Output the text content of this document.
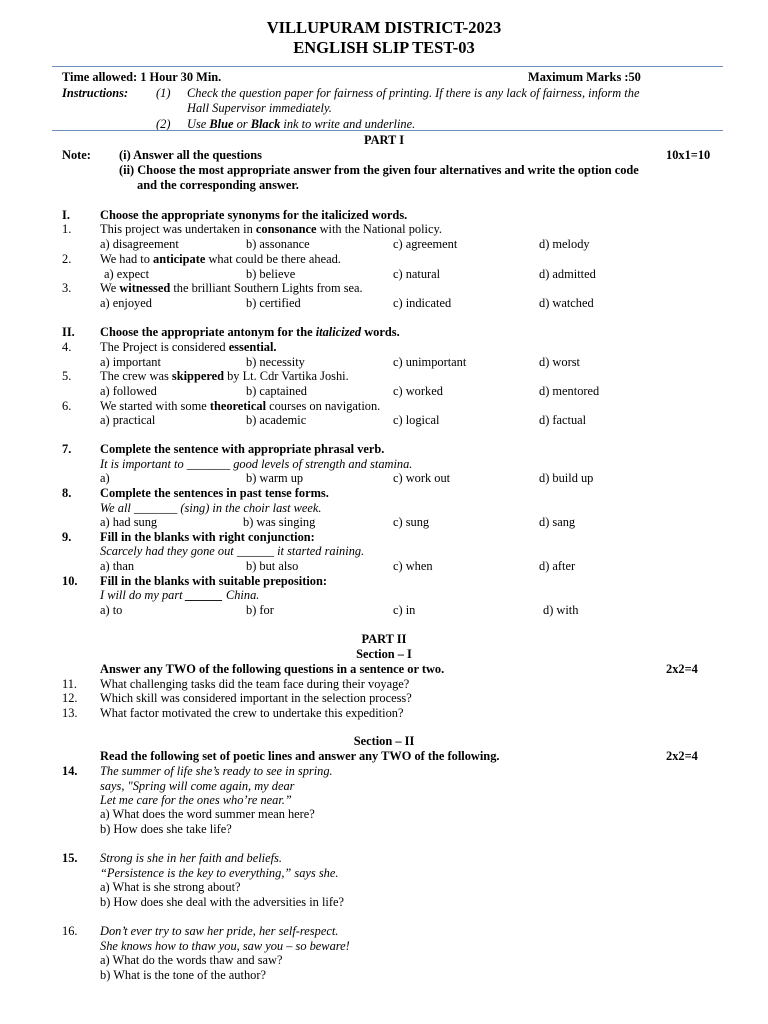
VILLUPURAM DISTRICT-2023
ENGLISH SLIP TEST-03
Time allowed: 1 Hour 30 Min.	Maximum Marks :50
Instructions: (1) Check the question paper for fairness of printing. If there is any lack of fairness, inform the
Hall Supervisor immediately.
(2) Use Blue or Black ink to write and underline.
PART I
Note: (i) Answer all the questions	10x1=10
(ii) Choose the most appropriate answer from the given four alternatives and write the option code
and the corresponding answer.
I. Choose the appropriate synonyms for the italicized words.
1. This project was undertaken in consonance with the National policy.
a) disagreement	b) assonance	c) agreement	d) melody
2. We had to anticipate what could be there ahead.
a) expect	b) believe	c) natural	d) admitted
3. We witnessed the brilliant Southern Lights from sea.
a) enjoyed	b) certified	c) indicated	d) watched
II. Choose the appropriate antonym for the italicized words.
4. The Project is considered essential.
a) important	b) necessity	c) unimportant	d) worst
5. The crew was skippered by Lt. Cdr Vartika Joshi.
a) followed	b) captained	c) worked	d) mentored
6. We started with some theoretical courses on navigation.
a) practical	b) academic	c) logical	d) factual
7. Complete the sentence with appropriate phrasal verb.
It is important to _______ good levels of strength and stamina.
a)	b) warm up	c) work out	d) build up
8. Complete the sentences in past tense forms.
We all _______ (sing) in the choir last week.
a) had sung	b) was singing	c) sung	d) sang
9. Fill in the blanks with right conjunction:
Scarcely had they gone out ______ it started raining.
a) than	b) but also	c) when	d) after
10. Fill in the blanks with suitable preposition:
I will do my part ______ China.
a) to	b) for	c) in	d) with
PART II
Section – I
Answer any TWO of the following questions in a sentence or two.	2x2=4
11. What challenging tasks did the team face during their voyage?
12. Which skill was considered important in the selection process?
13. What factor motivated the crew to undertake this expedition?
Section – II
Read the following set of poetic lines and answer any TWO of the following.	2x2=4
14. The summer of life she’s ready to see in spring.
says, "Spring will come again, my dear
Let me care for the ones who’re near.”
a) What does the word summer mean here?
b) How does she take life?
15. Strong is she in her faith and beliefs.
“Persistence is the key to everything,” says she.
a) What is she strong about?
b) How does she deal with the adversities in life?
16. Don’t ever try to saw her pride, her self-respect.
She knows how to thaw you, saw you – so beware!
a) What do the words thaw and saw?
b) What is the tone of the author?
